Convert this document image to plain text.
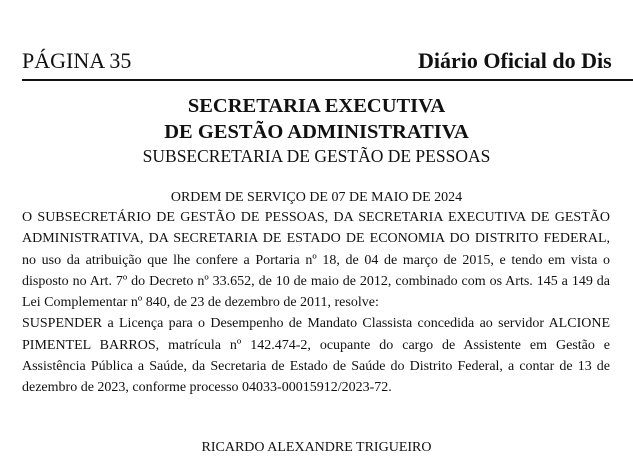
PÁGINA 35	Diário Oficial do Dis
SECRETARIA EXECUTIVA
DE GESTÃO ADMINISTRATIVA
SUBSECRETARIA DE GESTÃO DE PESSOAS
ORDEM DE SERVIÇO DE 07 DE MAIO DE 2024

O SUBSECRETÁRIO DE GESTÃO DE PESSOAS, DA SECRETARIA EXECUTIVA DE GESTÃO ADMINISTRATIVA, DA SECRETARIA DE ESTADO DE ECONOMIA DO DISTRITO FEDERAL, no uso da atribuição que lhe confere a Portaria nº 18, de 04 de março de 2015, e tendo em vista o disposto no Art. 7º do Decreto nº 33.652, de 10 de maio de 2012, combinado com os Arts. 145 a 149 da Lei Complementar nº 840, de 23 de dezembro de 2011, resolve:

SUSPENDER a Licença para o Desempenho de Mandato Classista concedida ao servidor ALCIONE PIMENTEL BARROS, matrícula nº 142.474-2, ocupante do cargo de Assistente em Gestão e Assistência Pública a Saúde, da Secretaria de Estado de Saúde do Distrito Federal, a contar de 13 de dezembro de 2023, conforme processo 04033-00015912/2023-72.

RICARDO ALEXANDRE TRIGUEIRO
